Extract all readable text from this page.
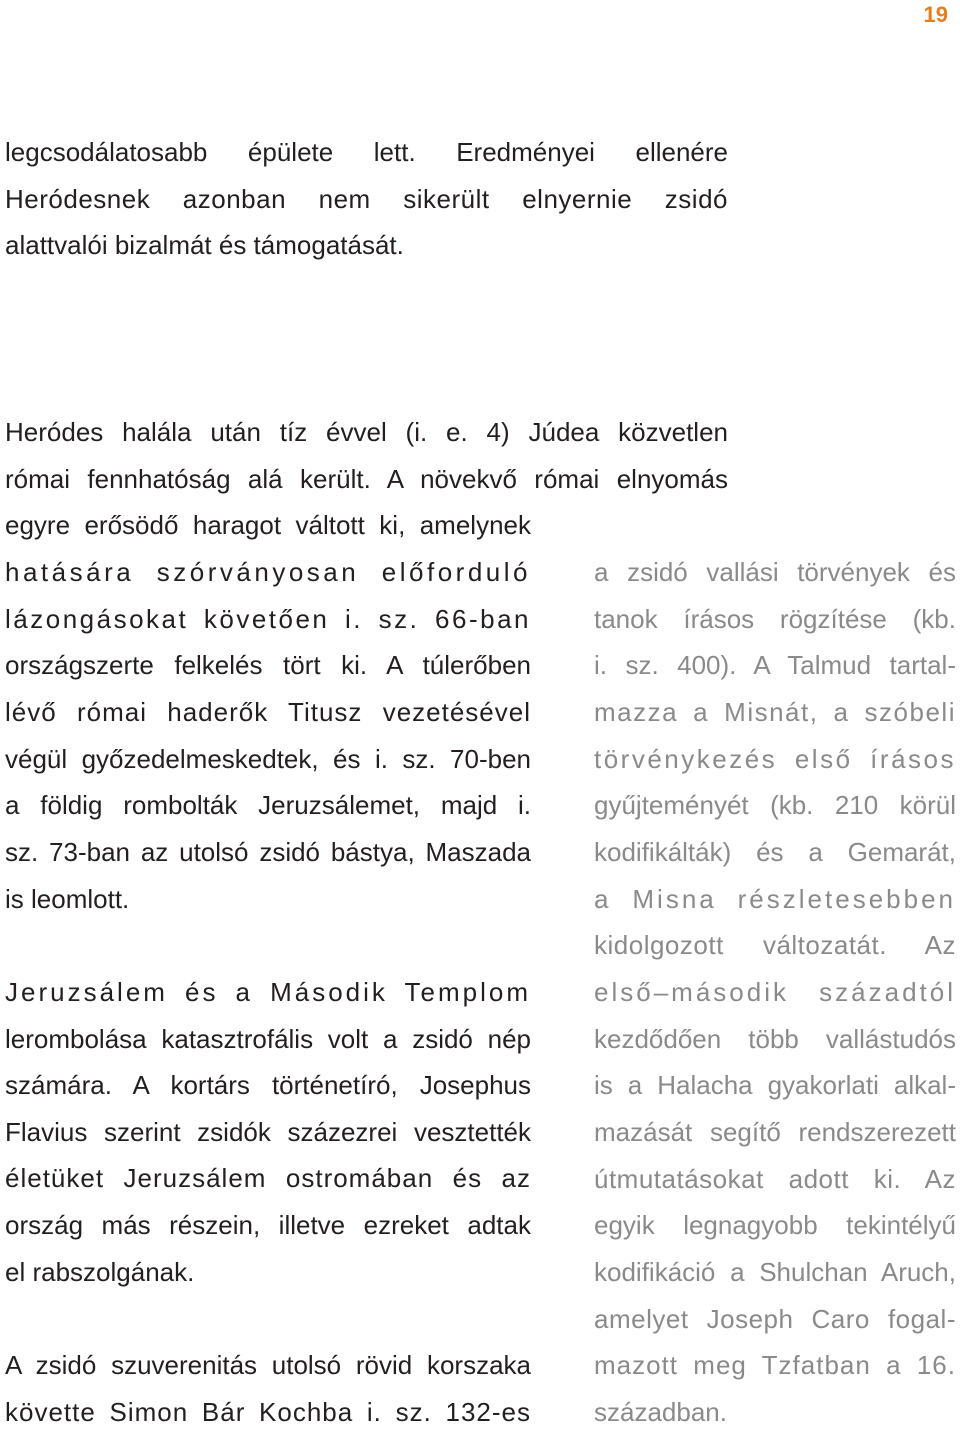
19
legcsodálatosabb épülete lett. Eredményei ellenére
Heródesnek azonban nem sikerült elnyernie zsidó
alattvalói bizalmát és támogatását.
Heródes halála után tíz évvel (i. e. 4) Júdea közvetlen
római fennhatóság alá került. A növekvő római elnyomás
egyre erősödő haragot váltott ki, amelynek
hatására szórványosan előforduló
lázongásokat követően i. sz. 66-ban
országszerte felkelés tört ki. A túlerőben
lévő római haderők Titusz vezetésével
végül győzedelmeskedtek, és i. sz. 70-ben
a földig rombolták Jeruzsálemet, majd i.
sz. 73-ban az utolsó zsidó bástya, Maszada
is leomlott.
Jeruzsálem és a Második Templom
lerombolása katasztrofális volt a zsidó nép
számára. A kortárs történetíró, Josephus
Flavius szerint zsidók százezrei vesztették
életüket Jeruzsálem ostromában és az
ország más részein, illetve ezreket adtak
el rabszolgának.
A zsidó szuverenitás utolsó rövid korszaka
követte Simon Bár Kochba i. sz. 132-es
a zsidó vallási törvények és
tanok írásos rögzítése (kb.
i. sz. 400). A Talmud tartal-
mazza a Misnát, a szóbeli
törvénykezés első írásos
gyűjteményét (kb. 210 körül
kodifikálták) és a Gemarát,
a Misna részletesebben
kidolgozott változatát. Az
első–második századtól
kezdődően több vallástudós
is a Halacha gyakorlati alkal-
mazását segítő rendszerezett
útmutatásokat adott ki. Az
egyik legnagyobb tekintélyű
kodifikáció a Shulchan Aruch,
amelyet Joseph Caro fogal-
mazott meg Tzfatban a 16.
században.
